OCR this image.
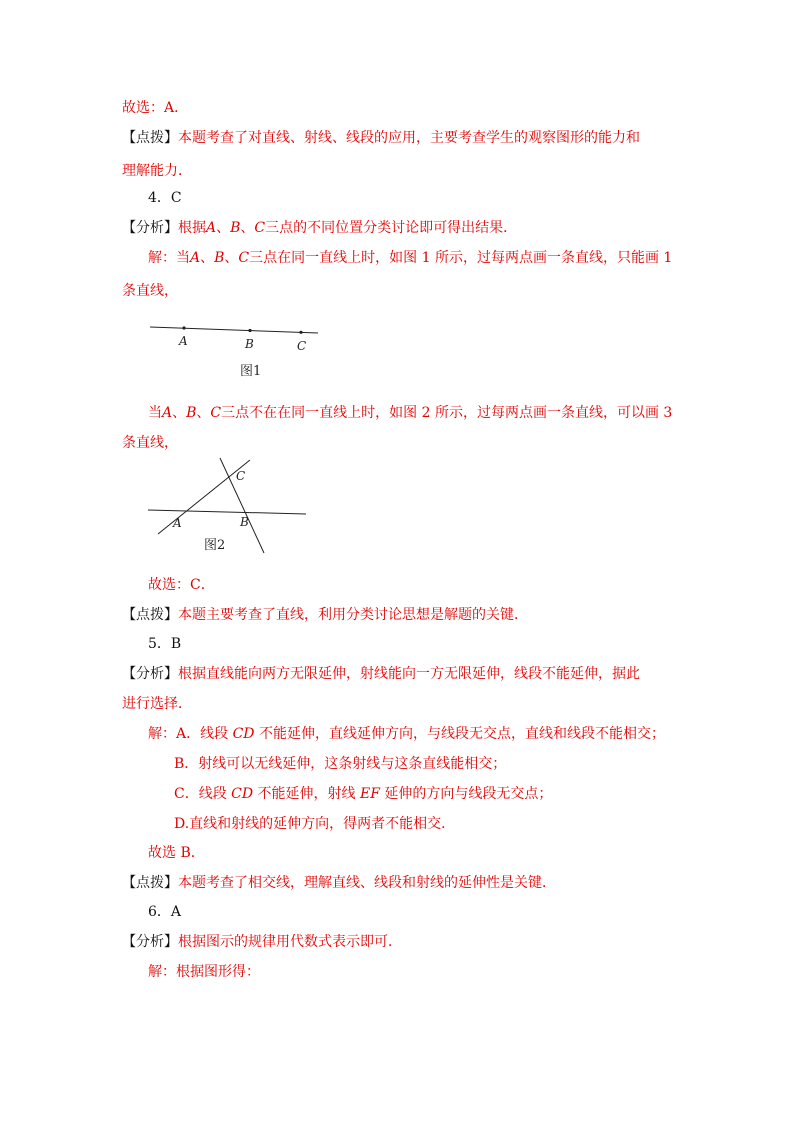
故选：A．
【点拨】本题考查了对直线、射线、线段的应用，主要考查学生的观察图形的能力和
理解能力．
4．C
【分析】根据A、B、C三点的不同位置分类讨论即可得出结果．
解：当A、B、C三点在同一直线上时，如图 1 所示，过每两点画一条直线，只能画 1
条直线，
A	B	C
图1
当A、B、C三点不在在同一直线上时，如图 2 所示，过每两点画一条直线，可以画 3
条直线，
A	B
C
图2
故选：C．
【点拨】本题主要考查了直线，利用分类讨论思想是解题的关键．
5．B
【分析】根据直线能向两方无限延伸，射线能向一方无限延伸，线段不能延伸，据此
进行选择．
解：A．线段 CD 不能延伸，直线延伸方向，与线段无交点，直线和线段不能相交；
B．射线可以无线延伸，这条射线与这条直线能相交；
C．线段 CD 不能延伸，射线 EF 延伸的方向与线段无交点；
D.直线和射线的延伸方向，得两者不能相交．
故选 B．
【点拨】本题考查了相交线，理解直线、线段和射线的延伸性是关键．
6．A
【分析】根据图示的规律用代数式表示即可．
解：根据图形得：
